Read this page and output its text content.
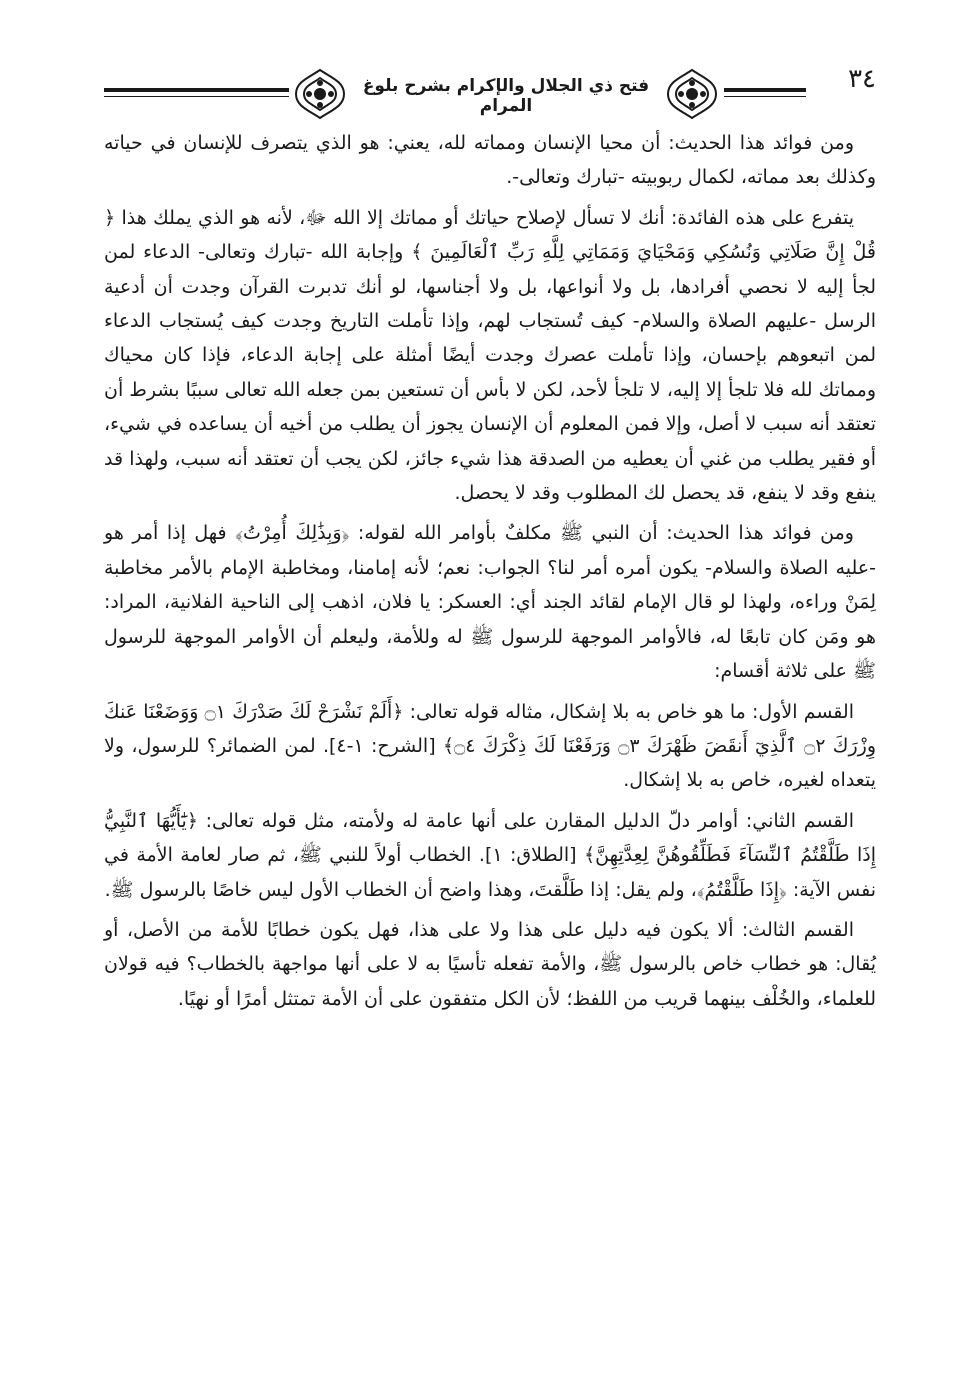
فتح ذي الجلال والإكرام بشرح بلوغ المرام
٣٤

ومن فوائد هذا الحديث: أن محيا الإنسان ومماته لله، يعني: هو الذي يتصرف للإنسان في حياته وكذلك بعد مماته، لكمال ربوبيته -تبارك وتعالى-.

يتفرع على هذه الفائدة: أنك لا تسأل لإصلاح حياتك أو مماتك إلا الله ﷻ، لأنه هو الذي يملك هذا ﴿ قُلْ إِنَّ صَلَاتِي وَنُسُكِي وَمَحْيَايَ وَمَمَاتِي لِلَّهِ رَبِّ ٱلْعَالَمِينَ ﴾ وإجابة الله -تبارك وتعالى- الدعاء لمن لجأ إليه لا نحصي أفرادها، بل ولا أنواعها، بل ولا أجناسها، لو أنك تدبرت القرآن وجدت أن أدعية الرسل -عليهم الصلاة والسلام- كيف تُستجاب لهم، وإذا تأملت التاريخ وجدت كيف يُستجاب الدعاء لمن اتبعوهم بإحسان، وإذا تأملت عصرك وجدت أيضًا أمثلة على إجابة الدعاء، فإذا كان محياك ومماتك لله فلا تلجأ إلا إليه، لا تلجأ لأحد، لكن لا بأس أن تستعين بمن جعله الله تعالى سببًا بشرط أن تعتقد أنه سبب لا أصل، وإلا فمن المعلوم أن الإنسان يجوز أن يطلب من أخيه أن يساعده في شيء، أو فقير يطلب من غني أن يعطيه من الصدقة هذا شيء جائز، لكن يجب أن تعتقد أنه سبب، ولهذا قد ينفع وقد لا ينفع، قد يحصل لك المطلوب وقد لا يحصل.

ومن فوائد هذا الحديث: أن النبي ﷺ مكلفٌ بأوامر الله لقوله: ﴿وَبِذَٰلِكَ أُمِرْتُ﴾ فهل إذا أمر هو -عليه الصلاة والسلام- يكون أمره أمر لنا؟ الجواب: نعم؛ لأنه إمامنا، ومخاطبة الإمام بالأمر مخاطبة لِمَنْ وراءه، ولهذا لو قال الإمام لقائد الجند أي: العسكر: يا فلان، اذهب إلى الناحية الفلانية، المراد: هو ومَن كان تابعًا له، فالأوامر الموجهة للرسول ﷺ له وللأمة، وليعلم أن الأوامر الموجهة للرسول ﷺ على ثلاثة أقسام:

القسم الأول: ما هو خاص به بلا إشكال، مثاله قوله تعالى: ﴿أَلَمْ نَشْرَحْ لَكَ صَدْرَكَ ۝١ وَوَضَعْنَا عَنكَ وِزْرَكَ ۝٢ ٱلَّذِيٓ أَنقَضَ ظَهْرَكَ ۝٣ وَرَفَعْنَا لَكَ ذِكْرَكَ ۝٤﴾ [الشرح: ١-٤]. لمن الضمائر؟ للرسول، ولا يتعداه لغيره، خاص به بلا إشكال.

القسم الثاني: أوامر دلّ الدليل المقارن على أنها عامة له ولأمته، مثل قوله تعالى: ﴿يَٰٓأَيُّهَا ٱلنَّبِيُّ إِذَا طَلَّقْتُمُ ٱلنِّسَآءَ فَطَلِّقُوهُنَّ لِعِدَّتِهِنَّ﴾ [الطلاق: ١]. الخطاب أولاً للنبي ﷺ، ثم صار لعامة الأمة في نفس الآية: ﴿إِذَا طَلَّقْتُمُ﴾، ولم يقل: إذا طَلَّقتَ، وهذا واضح أن الخطاب الأول ليس خاصًا بالرسول ﷺ.

القسم الثالث: ألا يكون فيه دليل على هذا ولا على هذا، فهل يكون خطابًا للأمة من الأصل، أو يُقال: هو خطاب خاص بالرسول ﷺ، والأمة تفعله تأسيًا به لا على أنها مواجهة بالخطاب؟ فيه قولان للعلماء، والخُلْف بينهما قريب من اللفظ؛ لأن الكل متفقون على أن الأمة تمتثل أمرًا أو نهيًا.
